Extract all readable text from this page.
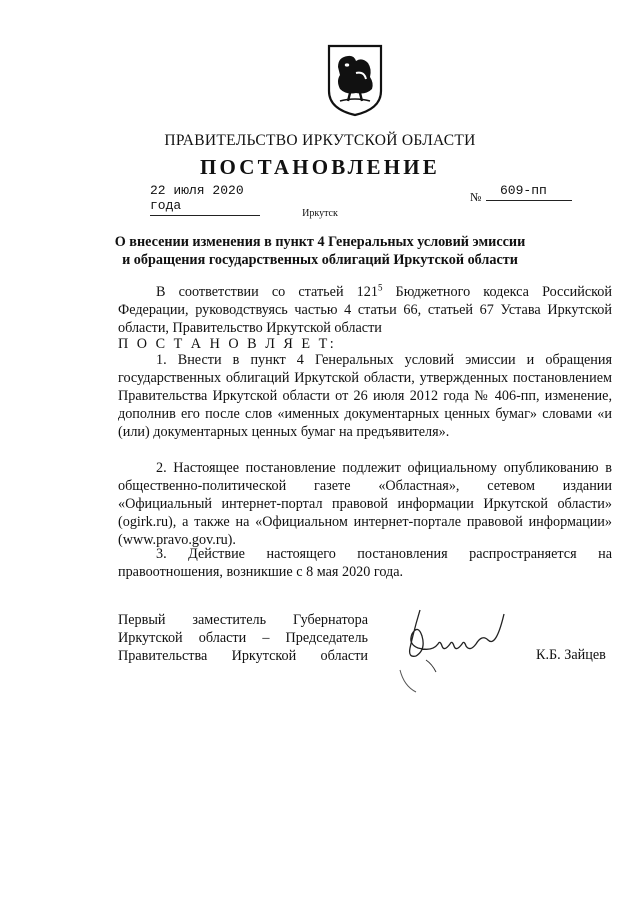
ПРАВИТЕЛЬСТВО ИРКУТСКОЙ ОБЛАСТИ
ПОСТАНОВЛЕНИЕ
22 июля 2020 года
№	609-пп
Иркутск
О внесении изменения в пункт 4 Генеральных условий эмиссии и обращения государственных облигаций Иркутской области
В соответствии со статьей $121^5$ Бюджетного кодекса Российской Федерации, руководствуясь частью 4 статьи 66, статьей 67 Устава Иркутской области, Правительство Иркутской области
П О С Т А Н О В Л Я Е Т:
1. Внести в пункт 4 Генеральных условий эмиссии и обращения государственных облигаций Иркутской области, утвержденных постановлением Правительства Иркутской области от 26 июля 2012 года № 406-пп, изменение, дополнив его после слов «именных документарных ценных бумаг» словами «и (или) документарных ценных бумаг на предъявителя».
2. Настоящее постановление подлежит официальному опубликованию в общественно-политической газете «Областная», сетевом издании «Официальный интернет-портал правовой информации Иркутской области» (ogirk.ru), а также на «Официальном интернет-портале правовой информации» (www.pravo.gov.ru).
3. Действие настоящего постановления распространяется на правоотношения, возникшие с 8 мая 2020 года.
Первый заместитель Губернатора
Иркутской области – Председатель
Правительства Иркутской области	К.Б. Зайцев
